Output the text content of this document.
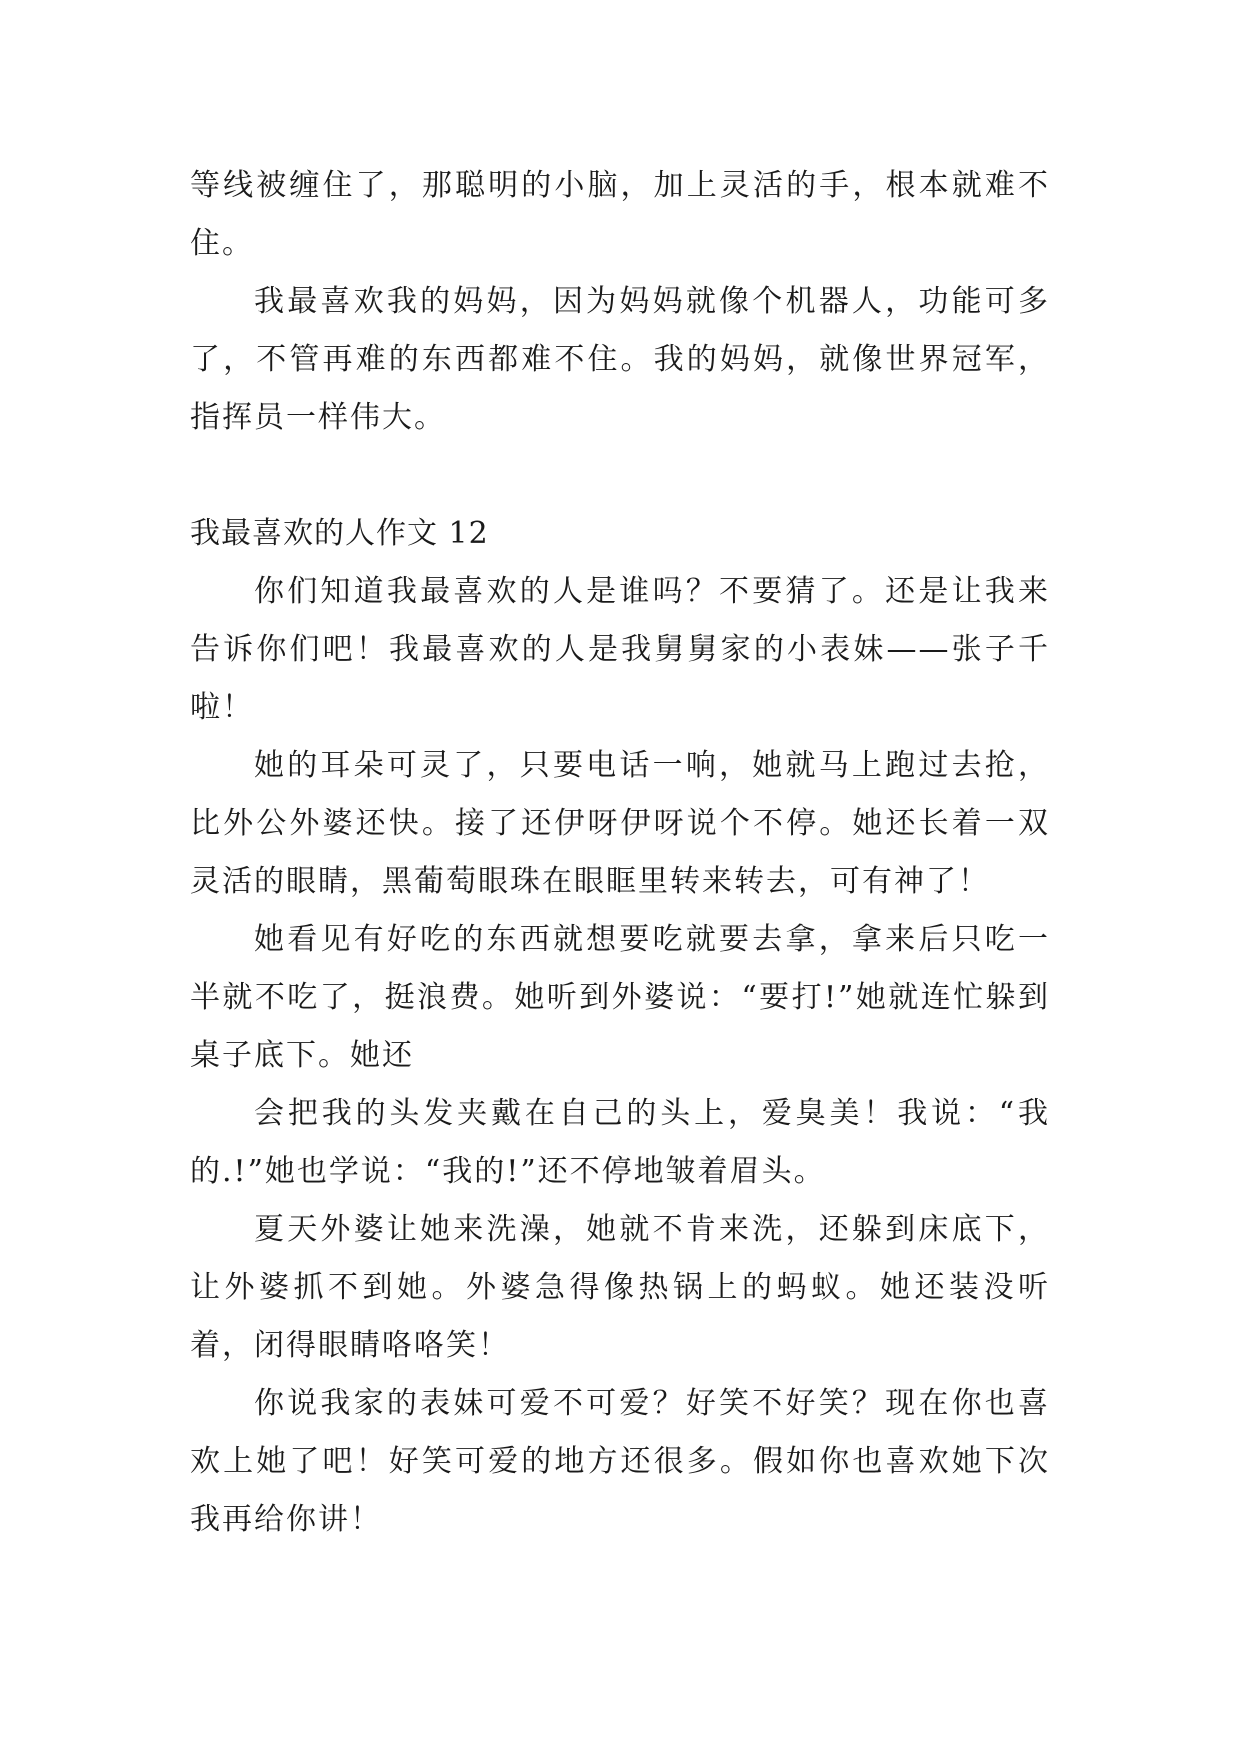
等线被缠住了，那聪明的小脑，加上灵活的手，根本就难不住。

我最喜欢我的妈妈，因为妈妈就像个机器人，功能可多了，不管再难的东西都难不住。我的妈妈，就像世界冠军，指挥员一样伟大。

我最喜欢的人作文 12

你们知道我最喜欢的人是谁吗？不要猜了。还是让我来告诉你们吧！我最喜欢的人是我舅舅家的小表妹——张子千啦！

她的耳朵可灵了，只要电话一响，她就马上跑过去抢，比外公外婆还快。接了还伊呀伊呀说个不停。她还长着一双灵活的眼睛，黑葡萄眼珠在眼眶里转来转去，可有神了！

她看见有好吃的东西就想要吃就要去拿，拿来后只吃一半就不吃了，挺浪费。她听到外婆说：“要打!”她就连忙躲到桌子底下。她还

会把我的头发夹戴在自己的头上，爱臭美！我说：“我的.!”她也学说：“我的!”还不停地皱着眉头。

夏天外婆让她来洗澡，她就不肯来洗，还躲到床底下，让外婆抓不到她。外婆急得像热锅上的蚂蚁。她还装没听着，闭得眼睛咯咯笑！

你说我家的表妹可爱不可爱？好笑不好笑？现在你也喜欢上她了吧！好笑可爱的地方还很多。假如你也喜欢她下次我再给你讲！
